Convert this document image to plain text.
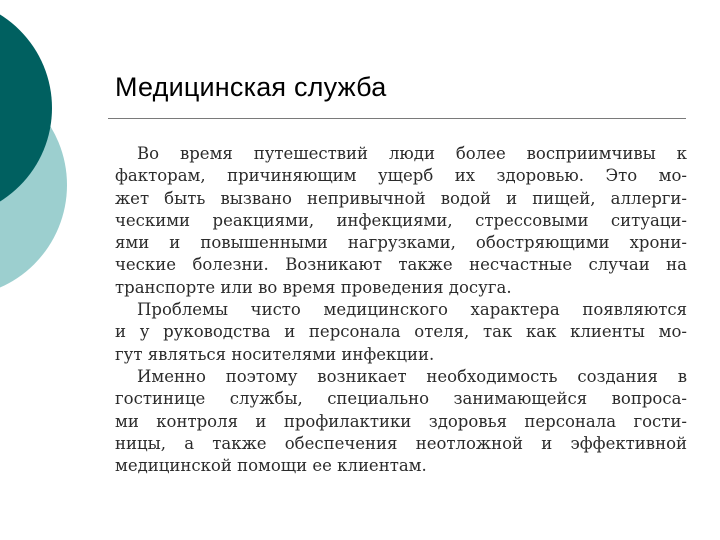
Медицинская служба
Во время путешествий люди более восприимчивы к
факторам, причиняющим ущерб их здоровью. Это мо-
жет быть вызвано непривычной водой и пищей, аллерги-
ческими реакциями, инфекциями, стрессовыми ситуаци-
ями и повышенными нагрузками, обостряющими хрони-
ческие болезни. Возникают также несчастные случаи на
транспорте или во время проведения досуга.
Проблемы чисто медицинского характера появляются
и у руководства и персонала отеля, так как клиенты мо-
гут являться носителями инфекции.
Именно поэтому возникает необходимость создания в
гостинице службы, специально занимающейся вопроса-
ми контроля и профилактики здоровья персонала гости-
ницы, а также обеспечения неотложной и эффективной
медицинской помощи ее клиентам.
